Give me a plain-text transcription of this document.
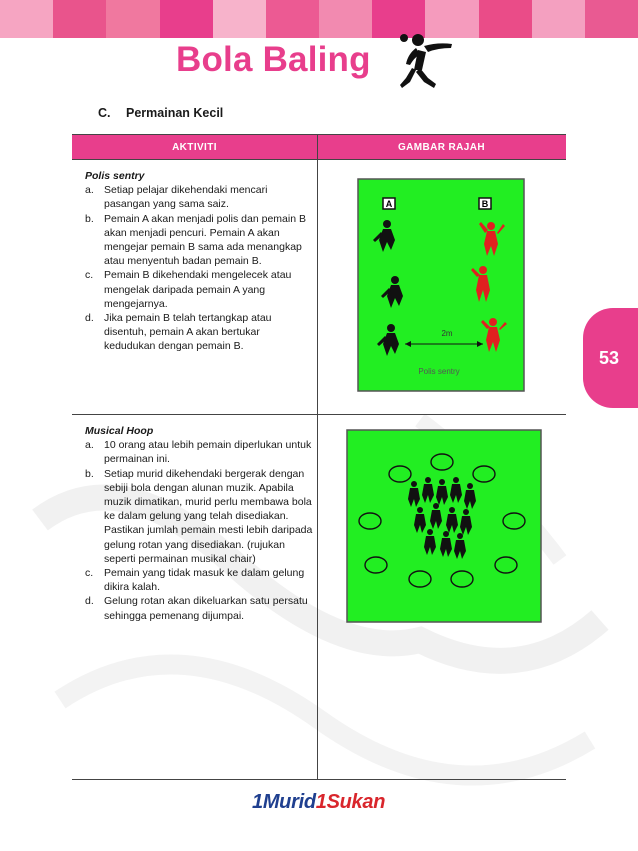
Bola Baling
C. Permainan Kecil
AKTIVITI	GAMBAR RAJAH
Polis sentry
a. Setiap pelajar dikehendaki mencari pasangan yang sama saiz.
b. Pemain A akan menjadi polis dan pemain B akan menjadi pencuri. Pemain A akan mengejar pemain B sama ada menangkap atau menyentuh badan pemain B.
c.	Pemain B dikehendaki mengelecek atau mengelak daripada pemain A yang mengejarnya.
d. Jika pemain B telah tertangkap atau disentuh, pemain A akan bertukar kedudukan dengan pemain B.
A	B
2m
Polis sentry
Musical Hoop
a. 10 orang atau lebih pemain diperlukan untuk permainan ini.
b. Setiap murid dikehendaki bergerak dengan sebiji bola dengan alunan muzik. Apabila muzik dimatikan, murid perlu membawa bola ke dalam gelung yang telah disediakan. Pastikan jumlah pemain mesti lebih daripada gelung rotan yang disediakan. (rujukan seperti permainan musikal chair)
c.	Pemain yang tidak masuk ke dalam gelung dikira kalah.
d. Gelung rotan akan dikeluarkan satu persatu sehingga pemenang dijumpai.
53
1Murid1Sukan
